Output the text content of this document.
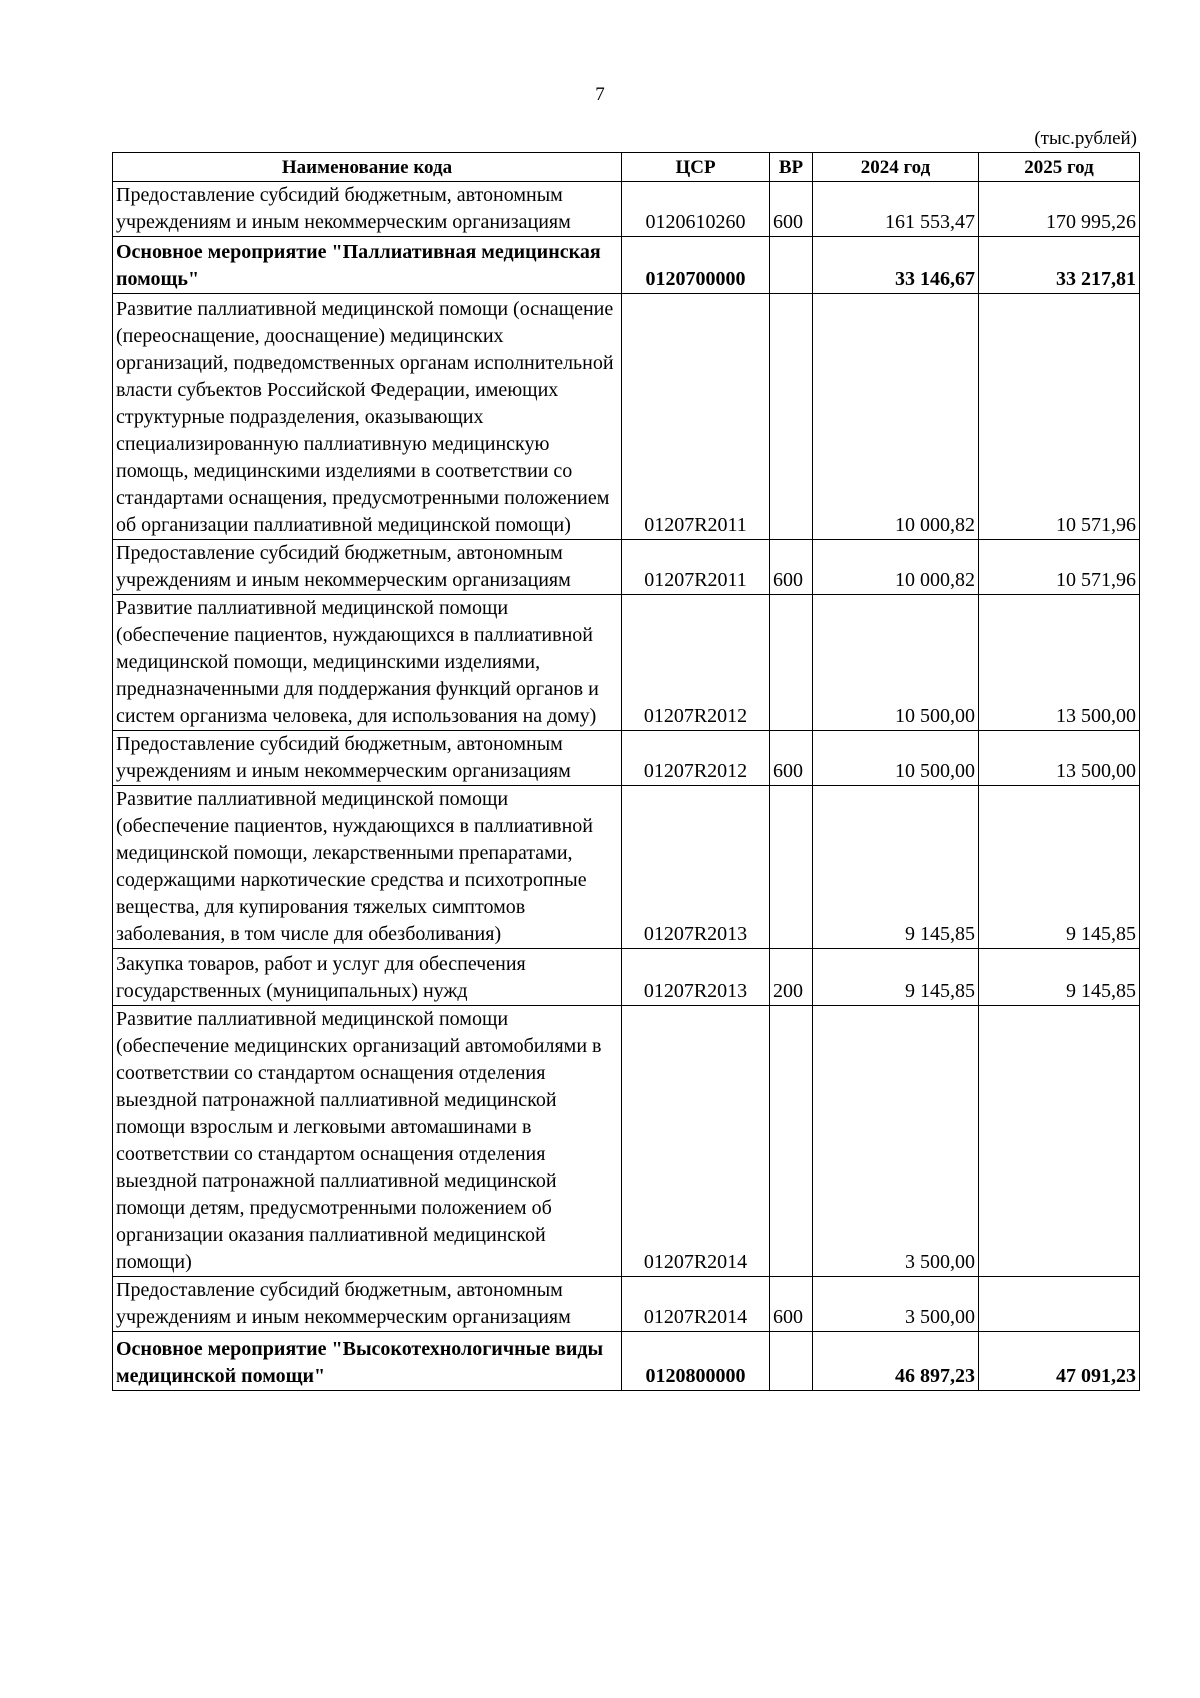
7
(тыс.рублей)
Наименование кода	ЦСР	ВР	2024 год	2025 год
Предоставление субсидий бюджетным, автономным учреждениям и иным некоммерческим организациям	0120610260	600	161 553,47	170 995,26
Основное мероприятие "Паллиативная медицинская помощь"	0120700000		33 146,67	33 217,81
Развитие паллиативной медицинской помощи (оснащение (переоснащение, дооснащение) медицинских организаций, подведомственных органам исполнительной власти субъектов Российской Федерации, имеющих структурные подразделения, оказывающих специализированную паллиативную медицинскую помощь, медицинскими изделиями в соответствии со стандартами оснащения, предусмотренными положением об организации паллиативной медицинской помощи)	01207R2011		10 000,82	10 571,96
Предоставление субсидий бюджетным, автономным учреждениям и иным некоммерческим организациям	01207R2011	600	10 000,82	10 571,96
Развитие паллиативной медицинской помощи (обеспечение пациентов, нуждающихся в паллиативной медицинской помощи, медицинскими изделиями, предназначенными для поддержания функций органов и систем организма человека, для использования на дому)	01207R2012		10 500,00	13 500,00
Предоставление субсидий бюджетным, автономным учреждениям и иным некоммерческим организациям	01207R2012	600	10 500,00	13 500,00
Развитие паллиативной медицинской помощи (обеспечение пациентов, нуждающихся в паллиативной медицинской помощи, лекарственными препаратами, содержащими наркотические средства и психотропные вещества, для купирования тяжелых симптомов заболевания, в том числе для обезболивания)	01207R2013		9 145,85	9 145,85
Закупка товаров, работ и услуг для обеспечения государственных (муниципальных) нужд	01207R2013	200	9 145,85	9 145,85
Развитие паллиативной медицинской помощи (обеспечение медицинских организаций автомобилями в соответствии со стандартом оснащения отделения выездной патронажной паллиативной медицинской помощи взрослым и легковыми автомашинами в соответствии со стандартом оснащения отделения выездной патронажной паллиативной медицинской помощи детям, предусмотренными положением об организации оказания паллиативной медицинской помощи)	01207R2014		3 500,00	
Предоставление субсидий бюджетным, автономным учреждениям и иным некоммерческим организациям	01207R2014	600	3 500,00	
Основное мероприятие "Высокотехнологичные виды медицинской помощи"	0120800000		46 897,23	47 091,23
